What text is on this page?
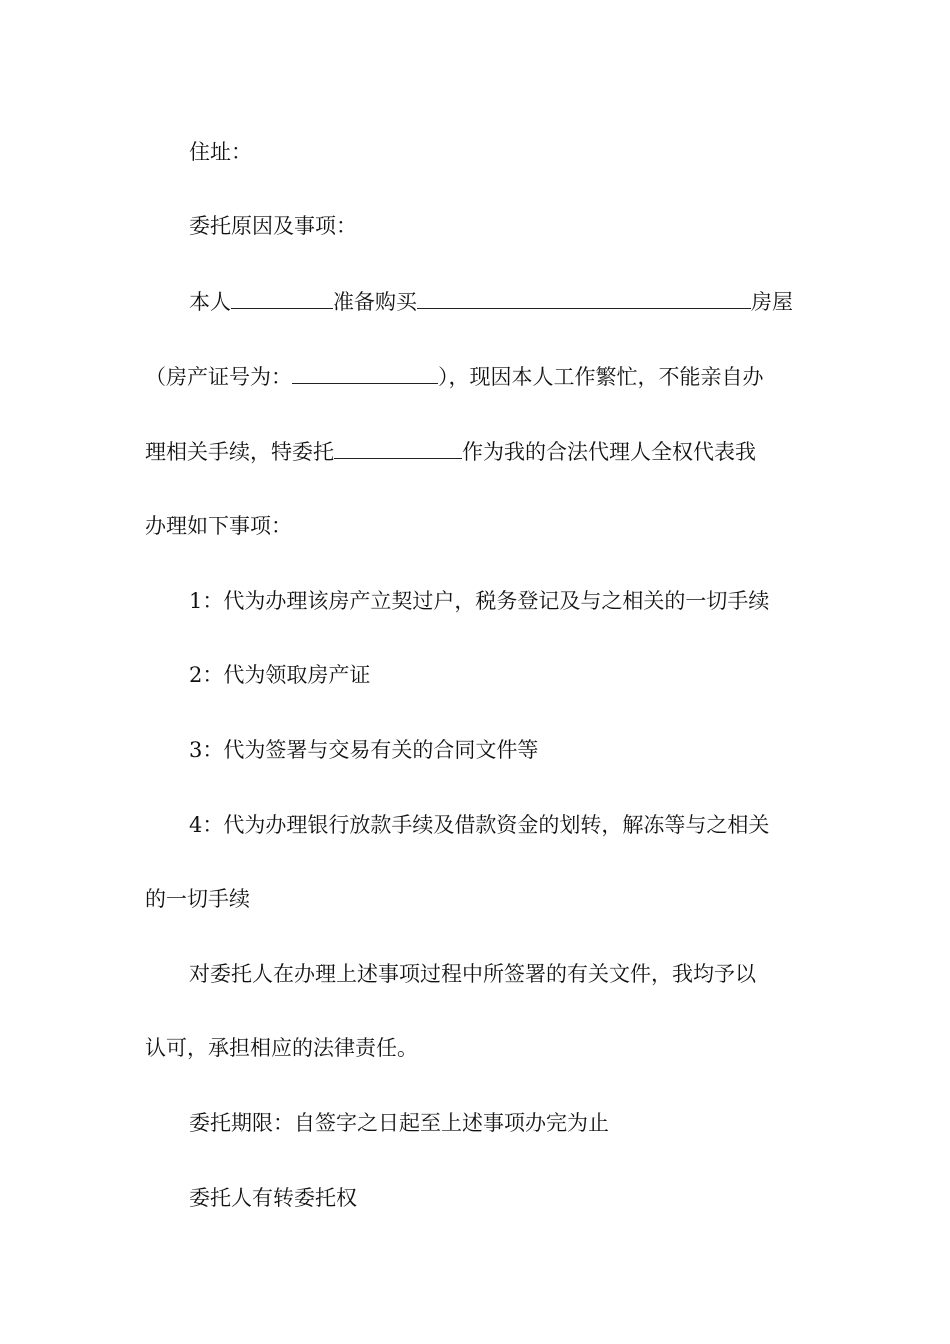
住址：

委托原因及事项：

本人	准备购买	房屋

（房产证号为：	），现因本人工作繁忙，不能亲自办

理相关手续，特委托	作为我的合法代理人全权代表我

办理如下事项：

1：代为办理该房产立契过户，税务登记及与之相关的一切手续

2：代为领取房产证

3：代为签署与交易有关的合同文件等

4：代为办理银行放款手续及借款资金的划转，解冻等与之相关

的一切手续

对委托人在办理上述事项过程中所签署的有关文件，我均予以

认可，承担相应的法律责任。

委托期限：自签字之日起至上述事项办完为止

委托人有转委托权
